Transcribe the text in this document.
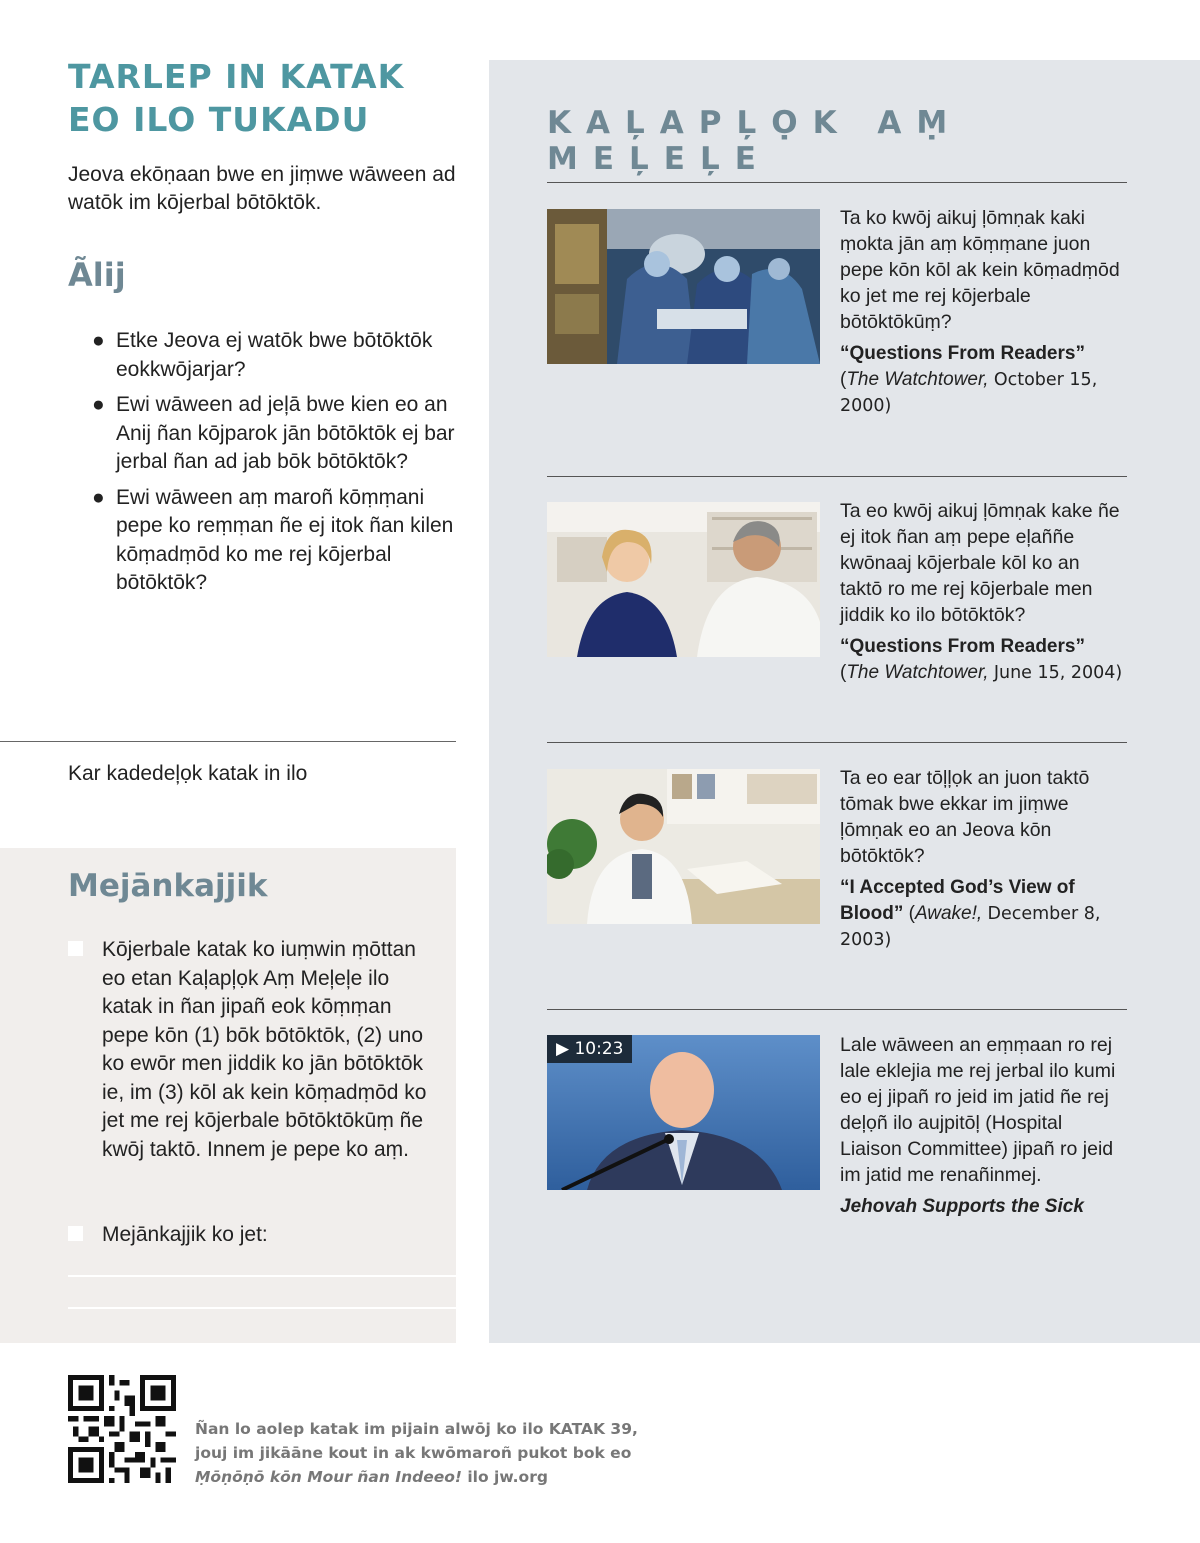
TARLEP IN KATAK
EO ILO TUKADU

Jeova ekōṇaan bwe en jiṃwe wāween ad watōk im kōjerbal bōtōktōk.

Ãlij
● Etke Jeova ej watōk bwe bōtōktōk eokkwōjarjar?
● Ewi wāween ad jeļā bwe kien eo an Anij ñan kōjparok jān bōtōktōk ej bar jerbal ñan ad jab bōk bōtōktōk?
● Ewi wāween aṃ maroñ kōṃṃani pepe ko reṃṃan ñe ej itok ñan kilen kōṃadṃōd ko me rej kōjerbal bōtōktōk?

Kar kadedeļọk katak in ilo

Mejānkajjik
Kōjerbale katak ko iuṃwin ṃōttan eo etan Kaļapļọk Aṃ Meļeļe ilo katak in ñan jipañ eok kōṃṃan pepe kōn (1) bōk bōtōktōk, (2) uno ko ewōr men jiddik ko jān bōtōktōk ie, im (3) kōl ak kein kōṃadṃōd ko jet me rej kōjerbale bōtōktōkūṃ ñe kwōj taktō. Innem je pepe ko aṃ.
Mejānkajjik ko jet:
KAĻAPĻỌK AṂ MEĻEĻE

Ta ko kwōj aikuj ļōmṇak kaki ṃokta jān aṃ kōṃṃane juon pepe kōn kōl ak kein kōṃadṃōd ko jet me rej kōjerbale bōtōktōkūṃ?

“Questions From Readers”
(The Watchtower, October 15, 2000)

Ta eo kwōj aikuj ļōmṇak kake ñe ej itok ñan aṃ pepe eļaññe kwōnaaj kōjerbale kōl ko an taktō ro me rej kōjerbale men jiddik ko ilo bōtōktōk?

“Questions From Readers”
(The Watchtower, June 15, 2004)

Ta eo ear tōļļọk an juon taktō tōmak bwe ekkar im jiṃwe ļōmṇak eo an Jeova kōn bōtōktōk?

“I Accepted God’s View of Blood” (Awake!, December 8, 2003)

▶ 10:23	Lale wāween an eṃṃaan ro rej lale eklejia me rej jerbal ilo kumi eo ej jipañ ro jeid im jatid ñe rej deļọñ ilo aujpitōļ (Hospital Liaison Committee) jipañ ro jeid im jatid me renañinmej.

Jehovah Supports the Sick

Ñan lo aolep katak im pijain alwōj ko ilo KATAK 39,
jouj im jikāāne kout in ak kwōmaroñ pukot bok eo
Ṃōṇōṇō kōn Mour ñan Indeeo! ilo jw.org
